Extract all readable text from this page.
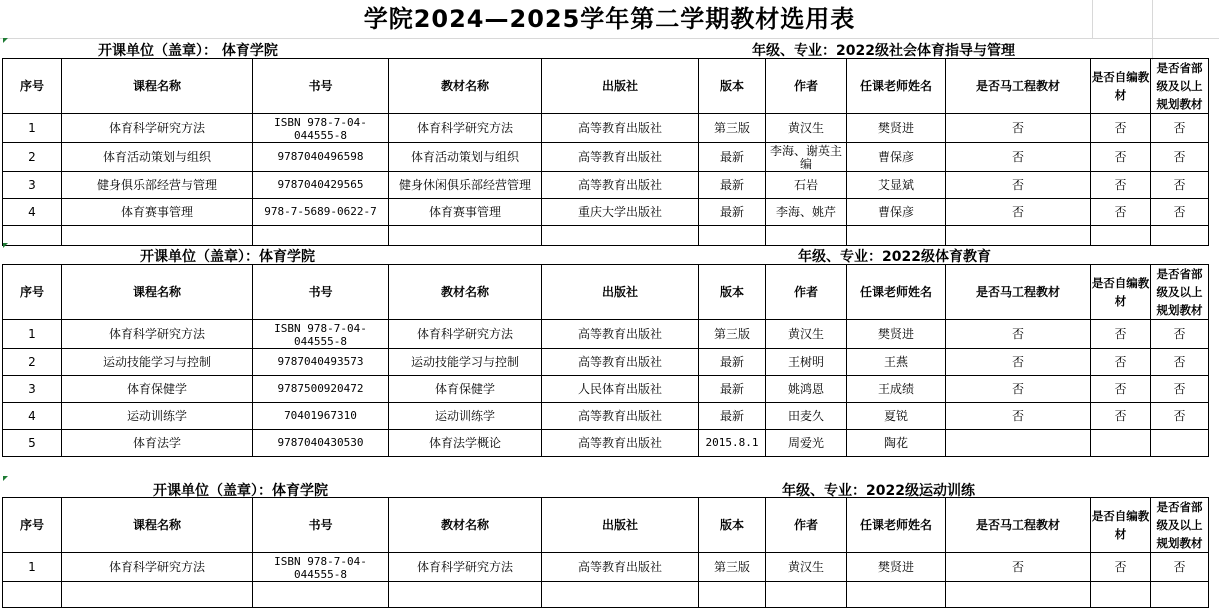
学院2024—2025学年第二学期教材选用表
开课单位（盖章）： 体育学院	年级、专业：2022级社会体育指导与管理
序号	课程名称	书号	教材名称	出版社	版本	作者	任课老师姓名	是否马工程教材	是否自编教材	是否省部级及以上规划教材
1	体育科学研究方法	ISBN 978-7-04-044555-8	体育科学研究方法	高等教育出版社	第三版	黄汉生	樊贤进	否	否	否
2	体育活动策划与组织	9787040496598	体育活动策划与组织	高等教育出版社	最新	李海、谢英主编	曹保彦	否	否	否
3	健身俱乐部经营与管理	9787040429565	健身休闲俱乐部经营管理	高等教育出版社	最新	石岩	艾显斌	否	否	否
4	体育赛事管理	978-7-5689-0622-7	体育赛事管理	重庆大学出版社	最新	李海、姚芹	曹保彦	否	否	否

开课单位（盖章）：体育学院	年级、专业：2022级体育教育
序号	课程名称	书号	教材名称	出版社	版本	作者	任课老师姓名	是否马工程教材	是否自编教材	是否省部级及以上规划教材
1	体育科学研究方法	ISBN 978-7-04-044555-8	体育科学研究方法	高等教育出版社	第三版	黄汉生	樊贤进	否	否	否
2	运动技能学习与控制	9787040493573	运动技能学习与控制	高等教育出版社	最新	王树明	王燕	否	否	否
3	体育保健学	9787500920472	体育保健学	人民体育出版社	最新	姚鸿恩	王成绩	否	否	否
4	运动训练学	70401967310	运动训练学	高等教育出版社	最新	田麦久	夏锐	否	否	否
5	体育法学	9787040430530	体育法学概论	高等教育出版社	2015.8.1	周爱光	陶花			
开课单位（盖章）：体育学院	年级、专业：2022级运动训练
序号	课程名称	书号	教材名称	出版社	版本	作者	任课老师姓名	是否马工程教材	是否自编教材	是否省部级及以上规划教材
1	体育科学研究方法	ISBN 978-7-04-044555-8	体育科学研究方法	高等教育出版社	第三版	黄汉生	樊贤进	否	否	否
